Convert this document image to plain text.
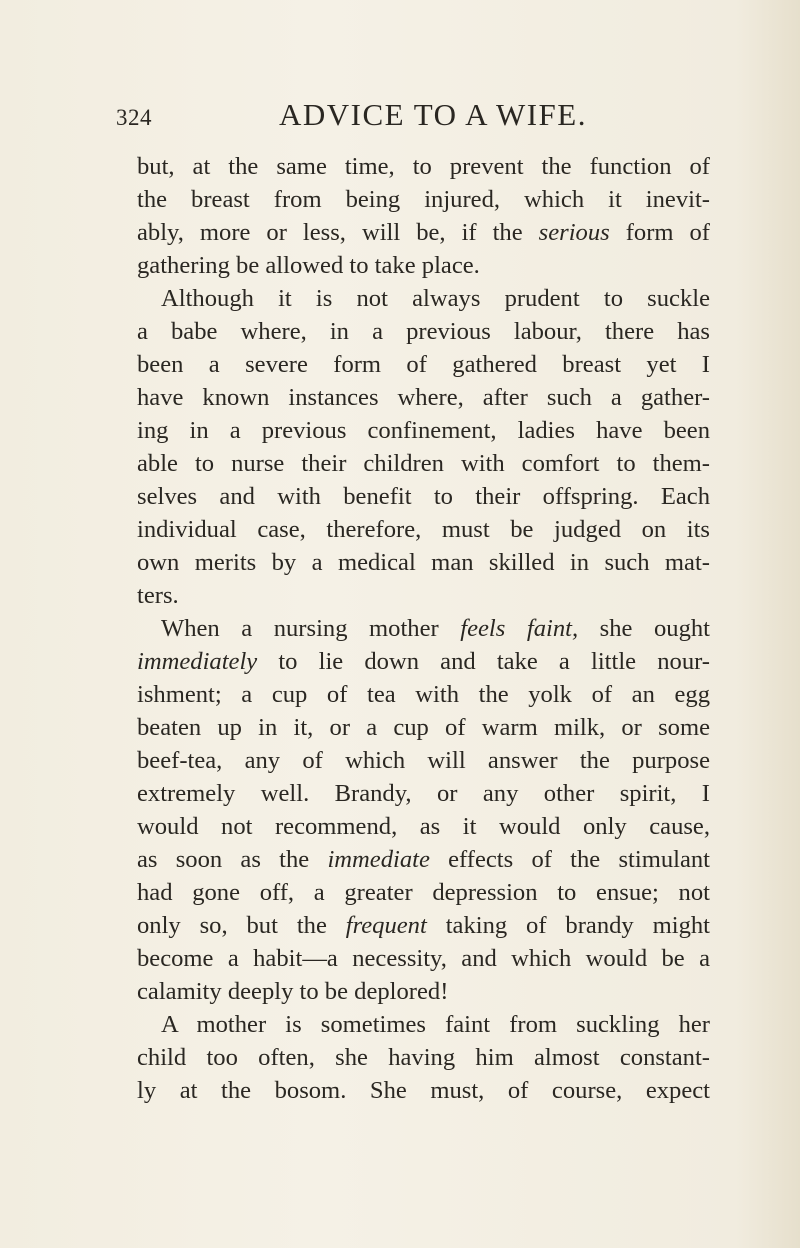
324	ADVICE TO A WIFE.
but, at the same time, to prevent the function of
the breast from being injured, which it inevit-
ably, more or less, will be, if the serious form of
gathering be allowed to take place.
Although it is not always prudent to suckle
a babe where, in a previous labour, there has
been a severe form of gathered breast yet I
have known instances where, after such a gather-
ing in a previous confinement, ladies have been
able to nurse their children with comfort to them-
selves and with benefit to their offspring. Each
individual case, therefore, must be judged on its
own merits by a medical man skilled in such mat-
ters.
When a nursing mother feels faint, she ought
immediately to lie down and take a little nour-
ishment; a cup of tea with the yolk of an egg
beaten up in it, or a cup of warm milk, or some
beef-tea, any of which will answer the purpose
extremely well. Brandy, or any other spirit, I
would not recommend, as it would only cause,
as soon as the immediate effects of the stimulant
had gone off, a greater depression to ensue; not
only so, but the frequent taking of brandy might
become a habit—a necessity, and which would be a
calamity deeply to be deplored!
A mother is sometimes faint from suckling her
child too often, she having him almost constant-
ly at the bosom. She must, of course, expect
